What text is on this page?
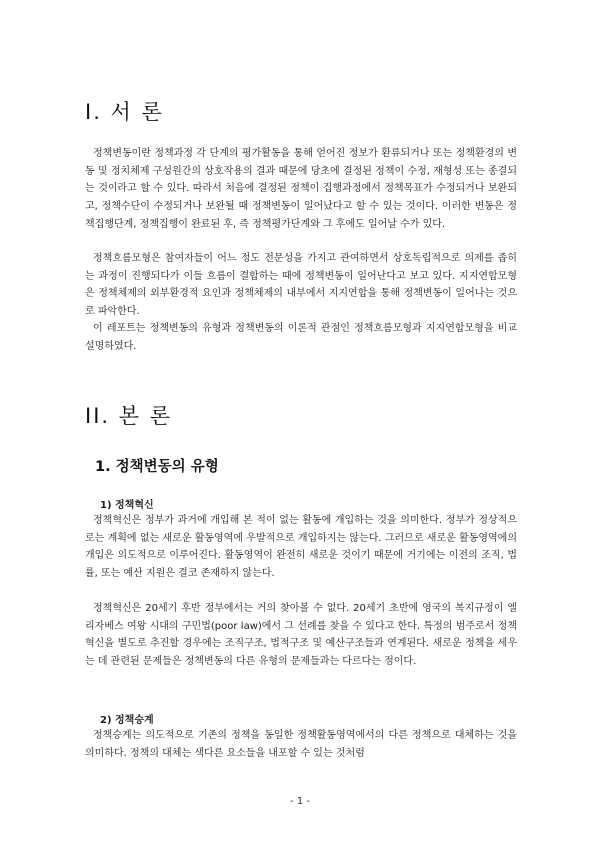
I. 서 론

정책변동이란 정책과정 각 단계의 평가활동을 통해 얻어진 정보가 환류되거나 또는 정책환경의 변동 및 정치체제 구성원간의 상호작용의 결과 때문에 당초에 결정된 정책이 수정, 재형성 또는 종결되는 것이라고 할 수 있다. 따라서 처음에 결정된 정책이 집행과정에서 정책목표가 수정되거나 보완되고, 정책수단이 수정되거나 보완될 때 정책변동이 일어났다고 할 수 있는 것이다. 이러한 변동은 정책집행단계, 정책집행이 완료된 후, 즉 정책평가단계와 그 후에도 일어날 수가 있다.

정책흐름모형은 참여자들이 어느 정도 전문성을 가지고 관여하면서 상호독립적으로 의제를 좁히는 과정이 진행되다가 이들 흐름이 결합하는 때에 정책변동이 일어난다고 보고 있다. 지지연합모형은 정책체제의 외부환경적 요인과 정책체제의 내부에서 지지연합을 통해 정책변동이 일어나는 것으로 파악한다.

이 레포트는 정책변동의 유형과 정책변동의 이론적 관점인 정책흐름모형과 지지연합모형을 비교 설명하였다.

II. 본 론
1. 정책변동의 유형
1) 정책혁신

정책혁신은 정부가 과거에 개입해 본 적이 없는 활동에 개입하는 것을 의미한다. 정부가 정상적으로는 계획에 없는 새로운 활동영역에 우발적으로 개입하지는 않는다. 그러므로 새로운 활동영역에의 개입은 의도적으로 이루어진다. 활동영역이 완전히 새로운 것이기 때문에 거기에는 이전의 조직, 법률, 또는 예산 지원은 결코 존재하지 않는다.

정책혁신은 20세기 후반 정부에서는 거의 찾아볼 수 없다. 20세기 초반에 영국의 복지규정이 엘리자베스 여왕 시대의 구민법(poor law)에서 그 선례를 찾을 수 있다고 한다. 특정의 범주로서 정책혁신을 별도로 추진할 경우에는 조직구조, 법적구조 및 예산구조들과 연계된다. 새로운 정책을 세우는 데 관련된 문제들은 정책변동의 다른 유형의 문제들과는 다르다는 점이다.

2) 정책승계

정책승계는 의도적으로 기존의 정책을 동일한 정책활동영역에서의 다른 정책으로 대체하는 것을 의미하다. 정책의 대체는 색다른 요소들을 내포할 수 있는 것처럼

- 1 -
